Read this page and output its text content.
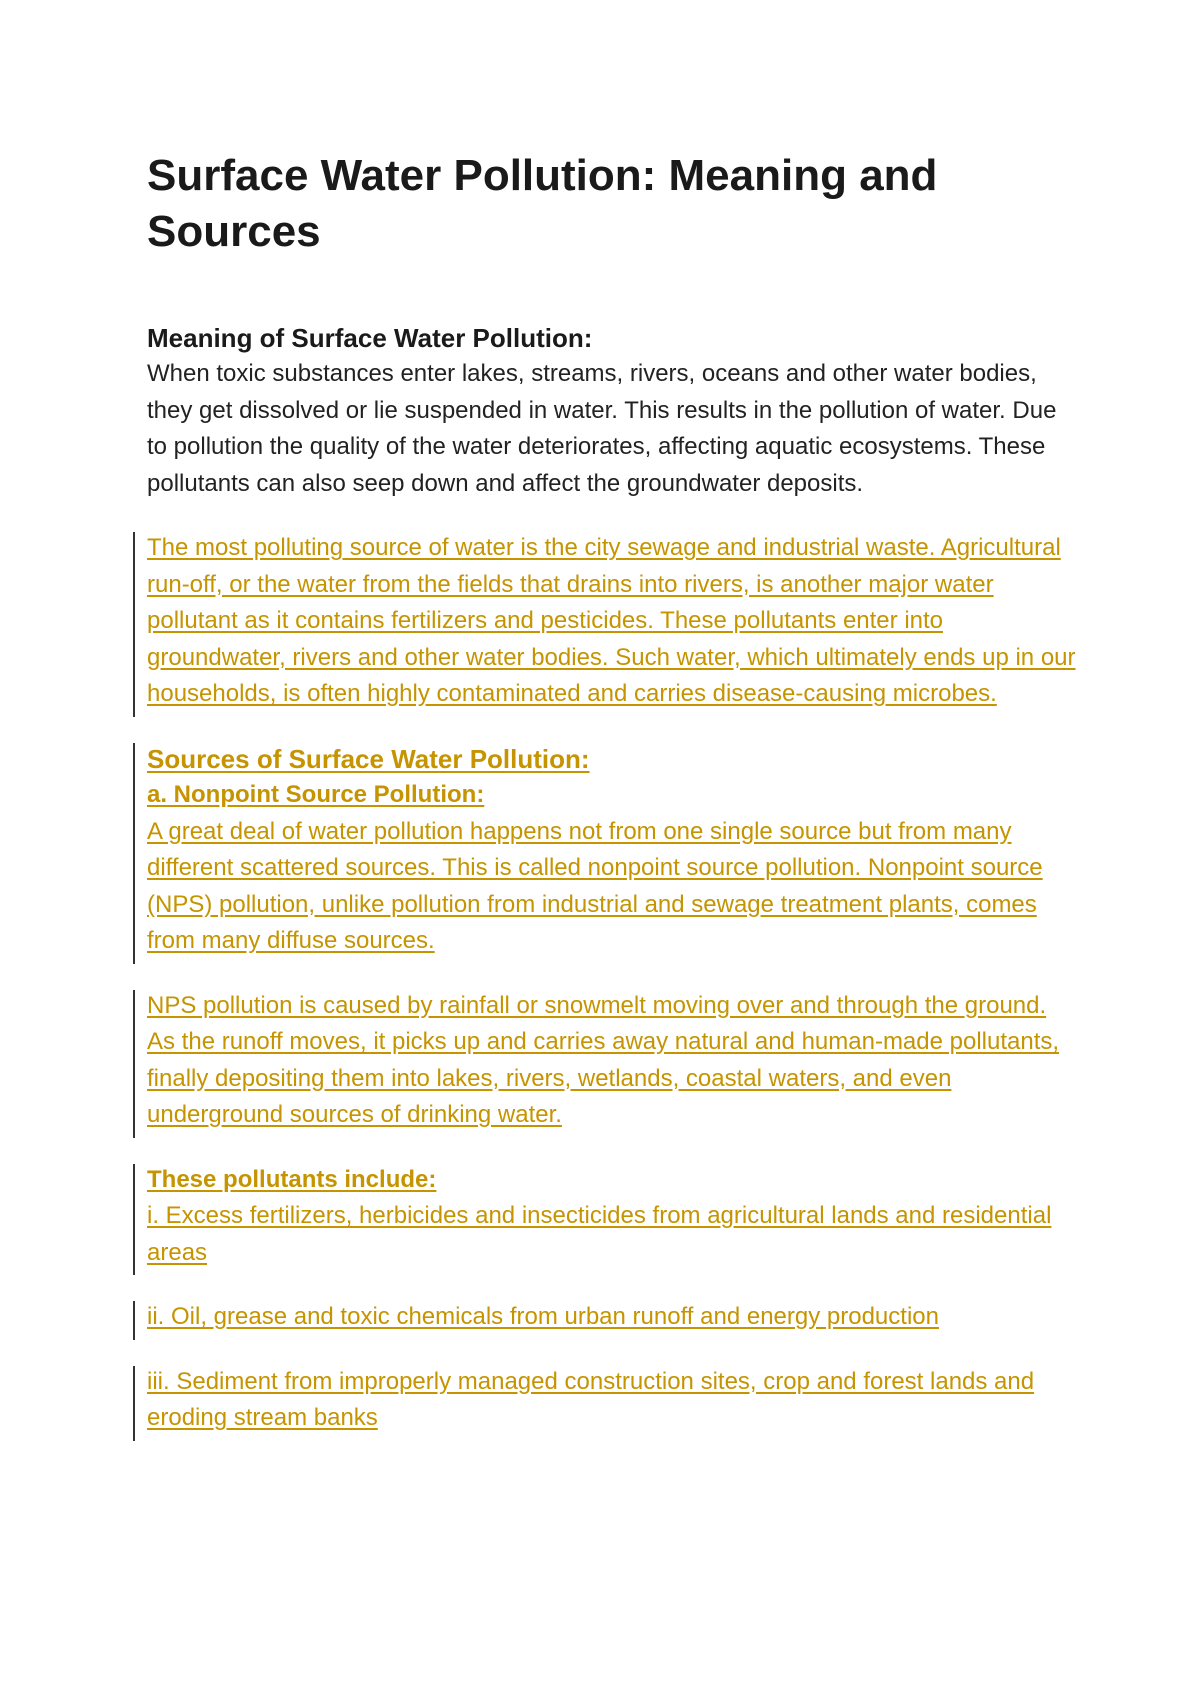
Surface Water Pollution: Meaning and Sources

Meaning of Surface Water Pollution:

When toxic substances enter lakes, streams, rivers, oceans and other water bodies, they get dissolved or lie suspended in water. This results in the pollution of water. Due to pollution the quality of the water deteriorates, affecting aquatic ecosystems. These pollutants can also seep down and affect the groundwater deposits.

The most polluting source of water is the city sewage and industrial waste. Agricultural run-off, or the water from the fields that drains into rivers, is another major water pollutant as it contains fertilizers and pesticides. These pollutants enter into groundwater, rivers and other water bodies. Such water, which ultimately ends up in our households, is often highly contaminated and carries disease-causing microbes.

Sources of Surface Water Pollution:

a. Nonpoint Source Pollution:

A great deal of water pollution happens not from one single source but from many different scattered sources. This is called nonpoint source pollution. Nonpoint source (NPS) pollution, unlike pollution from industrial and sewage treatment plants, comes from many diffuse sources.

NPS pollution is caused by rainfall or snowmelt moving over and through the ground. As the runoff moves, it picks up and carries away natural and human-made pollutants, finally depositing them into lakes, rivers, wetlands, coastal waters, and even underground sources of drinking water.

These pollutants include:

i. Excess fertilizers, herbicides and insecticides from agricultural lands and residential areas

ii. Oil, grease and toxic chemicals from urban runoff and energy production

iii. Sediment from improperly managed construction sites, crop and forest lands and eroding stream banks
